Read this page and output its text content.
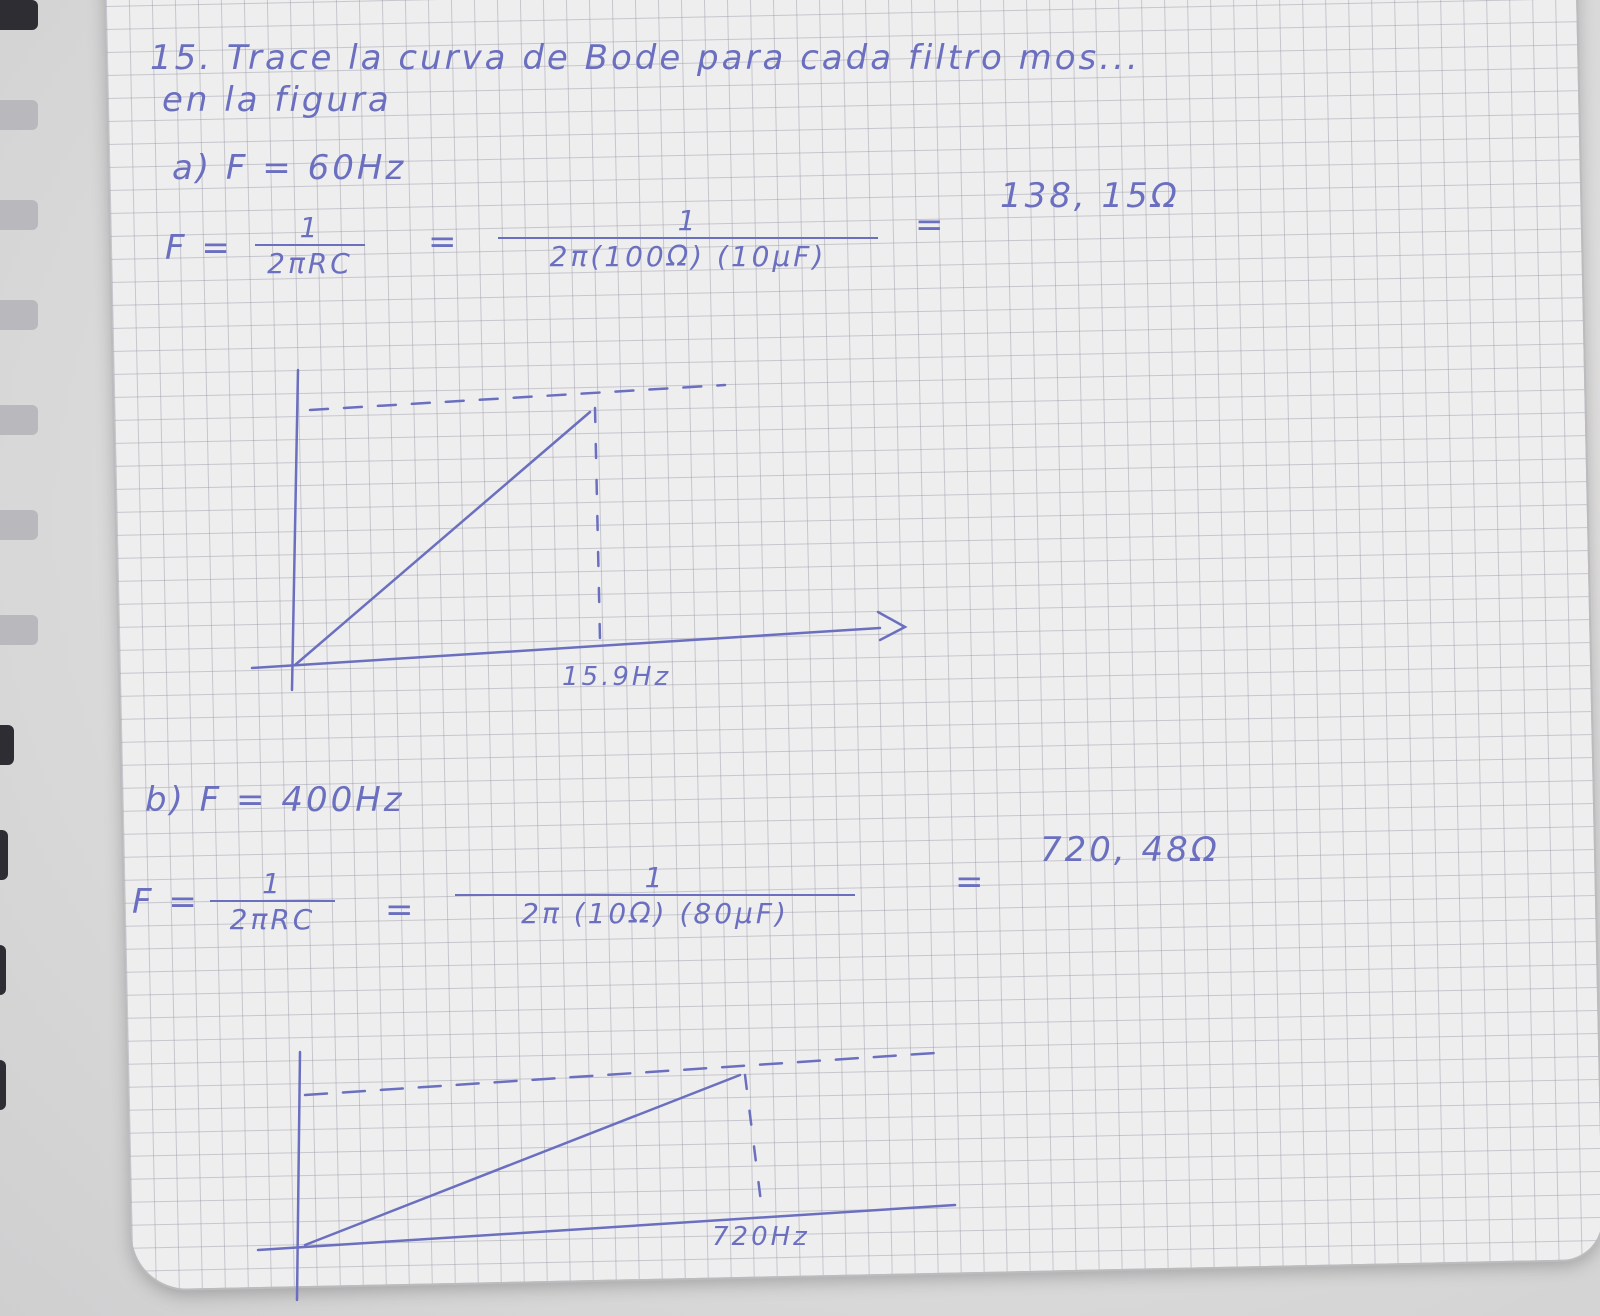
15. Trace la curva de Bode para cada filtro mos...
en la figura
a) F = 60Hz
F =
1
2πRC
=
1
2π(100Ω) (10μF)
=
138, 15Ω
15.9Hz
b) F = 400Hz
F = 1
2πRC =
1
2π (10Ω) (80μF)
=
720, 48Ω
720Hz
